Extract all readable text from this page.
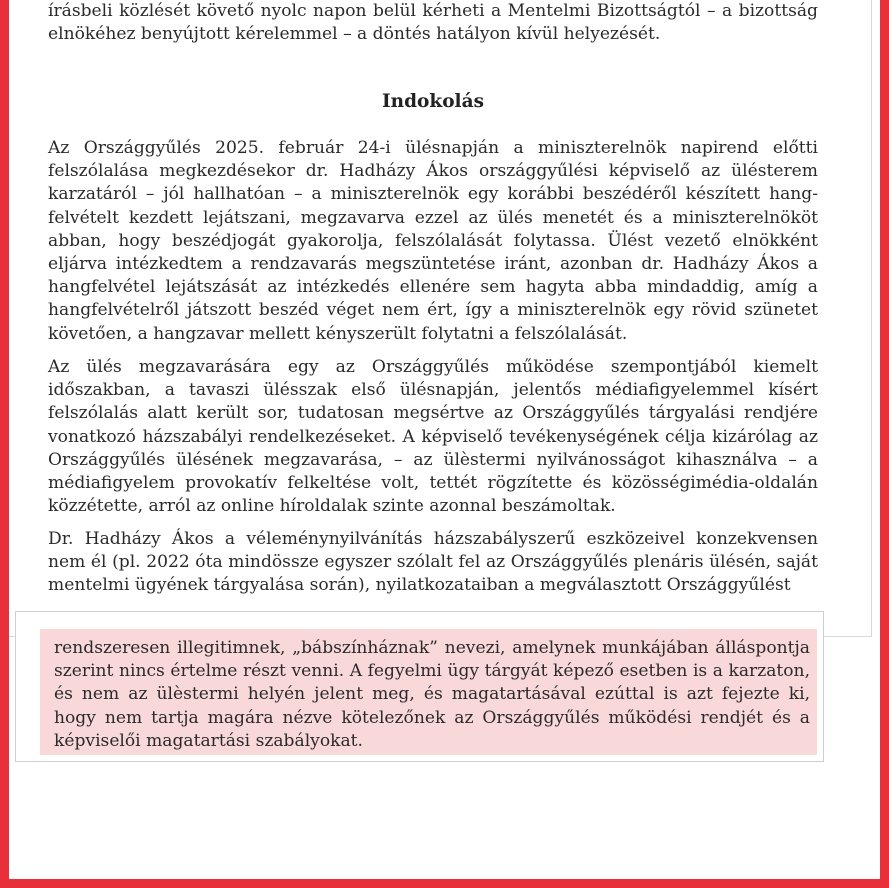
írásbeli közlését követő nyolc napon belül kérheti a Mentelmi Bizottságtól – a bizottság elnökéhez benyújtott kérelemmel – a döntés hatályon kívül helyezését.

Indokolás

Az Országgyűlés 2025. február 24-i ülésnapján a miniszterelnök napirend előtti felszólalása megkezdésekor dr. Hadházy Ákos országgyűlési képviselő az ülésterem karzatáról – jól hallhatóan – a miniszterelnök egy korábbi beszédéről készített hang-felvételt kezdett lejátszani, megzavarva ezzel az ülés menetét és a miniszterelnököt abban, hogy beszédjogát gyakorolja, felszólalását folytassa. Ülést vezető elnökként eljárva intézkedtem a rendzavarás megszüntetése iránt, azonban dr. Hadházy Ákos a hangfelvétel lejátszását az intézkedés ellenére sem hagyta abba mindaddig, amíg a hangfelvételről játszott beszéd véget nem ért, így a miniszterelnök egy rövid szünetet követően, a hangzavar mellett kényszerült folytatni a felszólalását.

Az ülés megzavarására egy az Országgyűlés működése szempontjából kiemelt időszakban, a tavaszi ülésszak első ülésnapján, jelentős médiafigyelemmel kísért felszólalás alatt került sor, tudatosan megsértve az Országgyűlés tárgyalási rendjére vonatkozó házszabályi rendelkezéseket. A képviselő tevékenységének célja kizárólag az Országgyűlés ülésének megzavarása, – az ülèstermi nyilvánosságot kihasználva – a médiafigyelem provokatív felkeltése volt, tettét rögzítette és közösségimédia-oldalán közzétette, arról az online hírоldalak szinte azonnal beszámoltak.

Dr. Hadházy Ákos a véleménynyilvánítás házszabályszerű eszközeivel konzekvensen nem él (pl. 2022 óta mindössze egyszer szólalt fel az Országgyűlés plenáris ülésén, saját mentelmi ügyének tárgyalása során), nyilatkozataiban a megválasztott Országgyűlést

rendszeresen illegitimnek, „bábszínháznak” nevezi, amelynek munkájában álláspontja szerint nincs értelme részt venni. A fegyelmi ügy tárgyát képező esetben is a karzaton, és nem az ülèstermi helyén jelent meg, és magatartásával ezúttal is azt fejezte ki, hogy nem tartja magára nézve kötelezőnek az Országgyűlés működési rendjét és a képviselői magatartási szabályokat.
